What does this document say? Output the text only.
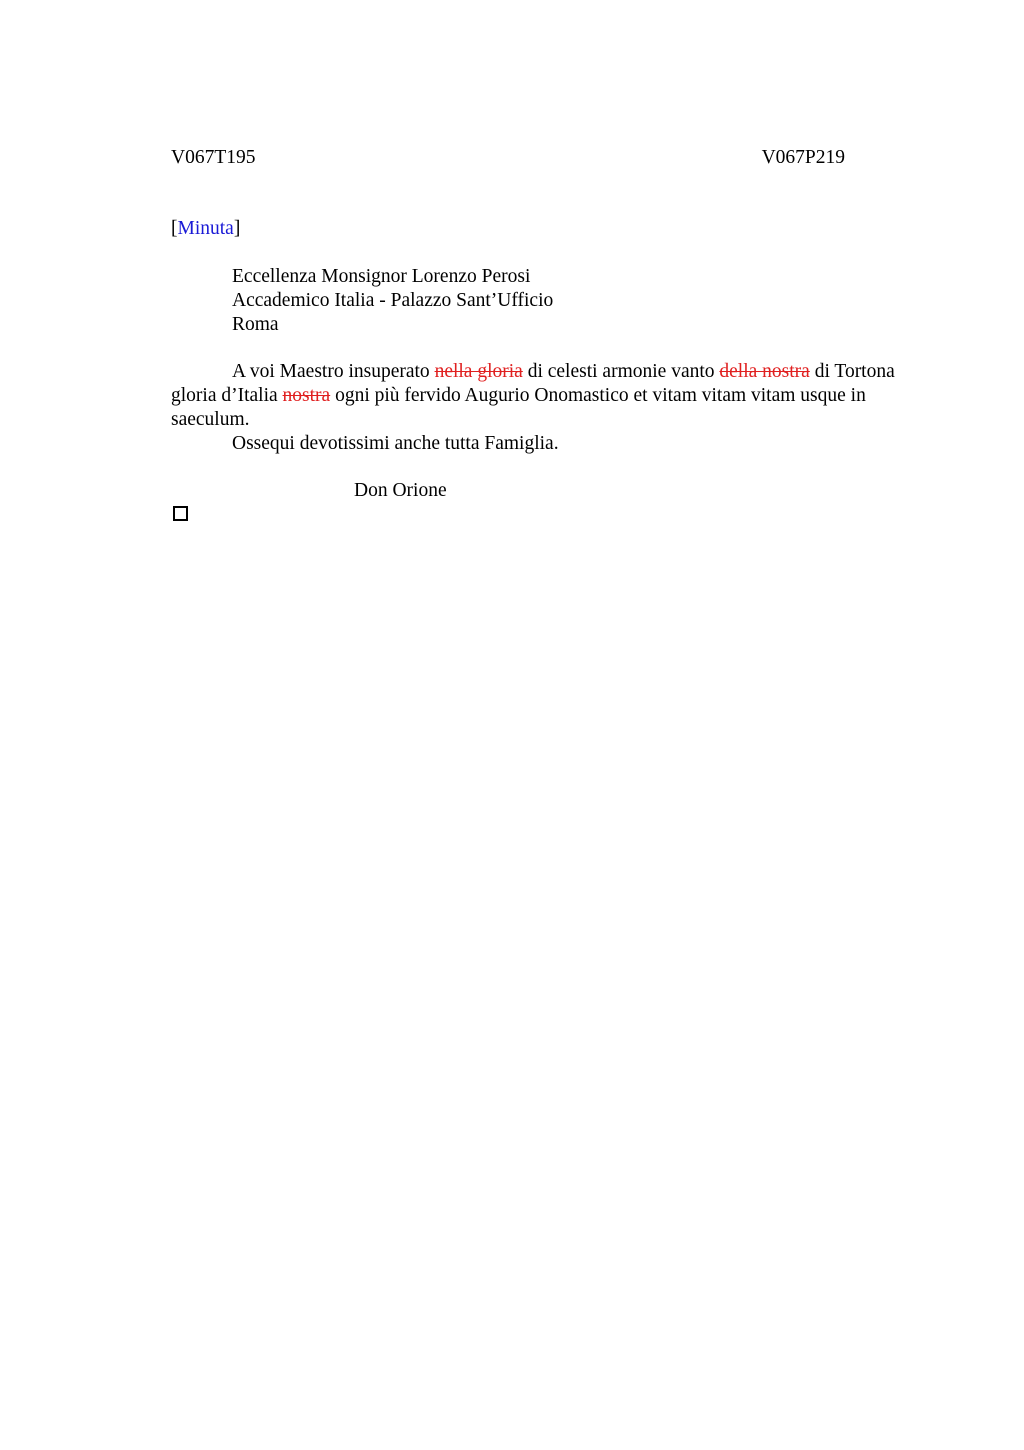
V067T195	V067P219
[Minuta]
Eccellenza Monsignor Lorenzo Perosi
Accademico Italia - Palazzo Sant’Ufficio
Roma

A voi Maestro insuperato nella gloria di celesti armonie vanto della nostra di Tortona gloria d’Italia nostra ogni più fervido Augurio Onomastico et vitam vitam vitam usque in saeculum.

Ossequi devotissimi anche tutta Famiglia.

Don Orione
